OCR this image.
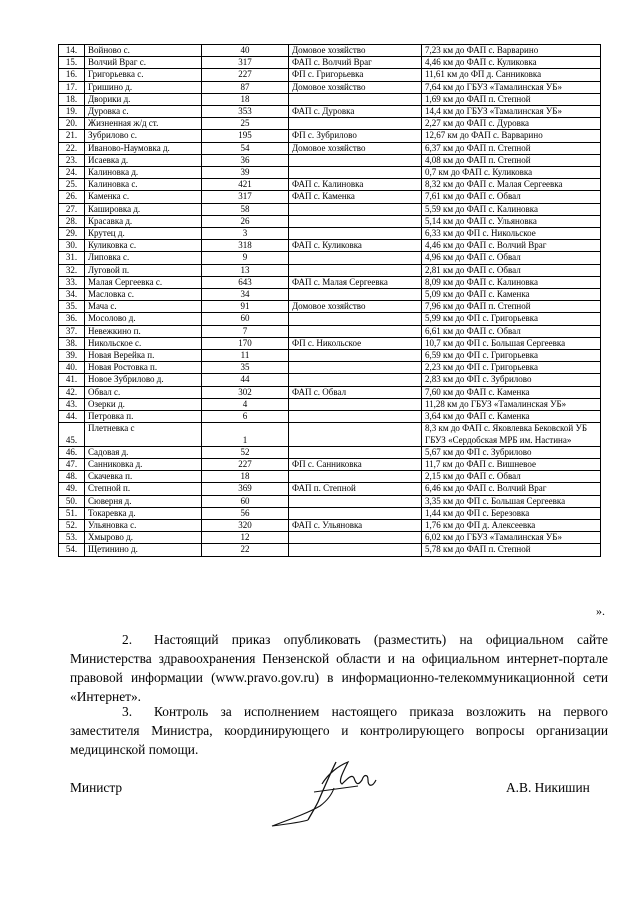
14.	Войново с.	40	Домовое хозяйство	7,23 км до ФАП с. Варварино
15.	Волчий Враг с.	317	ФАП с. Волчий Враг	4,46 км до ФАП с. Куликовка
16.	Григорьевка с.	227	ФП с. Григорьевка	11,61 км до ФП д. Санниковка
17.	Гришино д.	87	Домовое хозяйство	7,64 км до ГБУЗ «Тамалинская УБ»
18.	Дворики д.	18		1,69 км до ФАП п. Степной
19.	Дуровка с.	353	ФАП с. Дуровка	14,4 км до ГБУЗ «Тамалинская УБ»
20.	Жизненная ж/д ст.	25		2,27 км до ФАП с. Дуровка
21.	Зубрилово с.	195	ФП с. Зубрилово	12,67 км до ФАП с. Варварино
22.	Иваново-Наумовка д.	54	Домовое хозяйство	6,37 км до ФАП п. Степной
23.	Исаевка д.	36		4,08 км до ФАП п. Степной
24.	Калиновка д.	39		0,7 км до ФАП с. Куликовка
25.	Калиновка с.	421	ФАП с. Калиновка	8,32 км до ФАП с. Малая Сергеевка
26.	Каменка с.	317	ФАП с. Каменка	7,61 км до ФАП с. Обвал
27.	Кашировка д.	58		5,59 км до ФАП с. Калиновка
28.	Красавка д.	26		5,14 км до ФАП с. Ульяновка
29.	Крутец д.	3		6,33 км до ФП с. Никольское
30.	Куликовка с.	318	ФАП с. Куликовка	4,46 км до ФАП с. Волчий Враг
31.	Липовка с.	9		4,96 км до ФАП с. Обвал
32.	Луговой п.	13		2,81 км до ФАП с. Обвал
33.	Малая Сергеевка с.	643	ФАП с. Малая Сергеевка	8,09 км до ФАП с. Калиновка
34.	Масловка с.	34		5,09 км до ФАП с. Каменка
35.	Мача с.	91	Домовое хозяйство	7,96 км до ФАП п. Степной
36.	Мосолово д.	60		5,99 км до ФП с. Григорьевка
37.	Невежкино п.	7		6,61 км до ФАП с. Обвал
38.	Никольское с.	170	ФП с. Никольское	10,7 км до ФП с. Большая Сергеевка
39.	Новая Верейка п.	11		6,59 км до ФП с. Григорьевка
40.	Новая Ростовка п.	35		2,23 км до ФП с. Григорьевка
41.	Новое Зубрилово д.	44		2,83 км до ФП с. Зубрилово
42.	Обвал с.	302	ФАП с. Обвал	7,60 км до ФАП с. Каменка
43.	Озерки д.	4		11,28 км до ГБУЗ «Тамалинская УБ»
44.	Петровка п.	6		3,64 км до ФАП с. Каменка
45.	Плетневка с	1		8,3 км до ФАП с. Яковлевка Бековской УБ ГБУЗ «Сердобская МРБ им. Настина»
46.	Садовая д.	52		5,67 км до ФП с. Зубрилово
47.	Санниковка д.	227	ФП с. Санниковка	11,7 км до ФАП с. Вишневое
48.	Скачевка п.	18		2,15 км до ФАП с. Обвал
49.	Степной п.	369	ФАП п. Степной	6,46 км до ФАП с. Волчий Враг
50.	Сюверня д.	60		3,35 км до ФП с. Большая Сергеевка
51.	Токаревка д.	56		1,44 км до ФП с. Березовка
52.	Ульяновка с.	320	ФАП с. Ульяновка	1,76 км до ФП д. Алексеевка
53.	Хмырово д.	12		6,02 км до ГБУЗ «Тамалинская УБ»
54.	Щетинино д.	22		5,78 км до ФАП п. Степной
».

2. Настоящий приказ опубликовать (разместить) на официальном сайте Министерства здравоохранения Пензенской области и на официальном интернет-портале правовой информации (www.pravo.gov.ru) в информационно-телекоммуникационной сети «Интернет».

3. Контроль за исполнением настоящего приказа возложить на первого заместителя Министра, координирующего и контролирующего вопросы организации медицинской помощи.

Министр	А.В. Никишин
